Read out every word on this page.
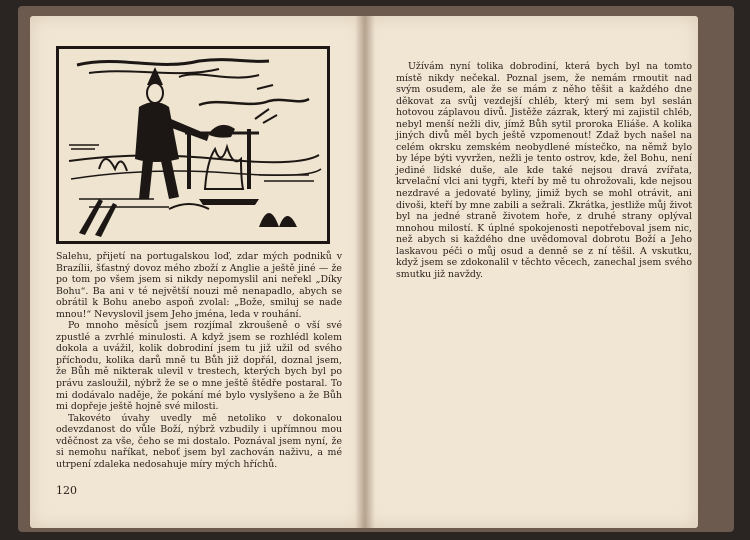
Salehu, přijetí na portugalskou loď, zdar mých podniků v Brazílii, šťastný dovoz mého zboží z Anglie a ještě jiné — že po tom po všem jsem si nikdy nepomyslil ani neřekl „Díky Bohu“. Ba ani v té největší nouzi mě nenapadlo, abych se obrátil k Bohu anebo aspoň zvolal: „Bože, smiluj se nade mnou!“ Nevyslovil jsem Jeho jména, leda v rouhání.

Po mnoho měsíců jsem rozjímal zkroušeně o vší své zpustlé a zvrhlé minulosti. A když jsem se rozhlédl kolem dokola a uvážil, kolik dobrodiní jsem tu již užil od svého příchodu, kolika darů mně tu Bůh již dopřál, doznal jsem, že Bůh mě nikterak ulevil v trestech, kterých bych byl po právu zasloužil, nýbrž že se o mne ještě štědře postaral. To mi dodávalo naděje, že pokání mé bylo vyslyšeno a že Bůh mi dopřeje ještě hojně své milosti.

Takovéto úvahy uvedly mě netoliko v dokonalou odevzdanost do vůle Boží, nýbrž vzbudily i upřímnou mou vděčnost za vše, čeho se mi dostalo. Poznával jsem nyní, že si nemohu naříkat, neboť jsem byl zachován naživu, a mé utrpení zdaleka nedosahuje míry mých hříchů.

120

Užívám nyní tolika dobrodiní, která bych byl na tomto místě nikdy nečekal. Poznal jsem, že nemám rmoutit nad svým osudem, ale že se mám z něho těšit a každého dne děkovat za svůj vezdejší chléb, který mi sem byl seslán hotovou záplavou divů. Jistěže zázrak, který mi zajistil chléb, nebyl menší nežli div, jímž Bůh sytil proroka Eliáše. A kolika jiných divů měl bych ještě vzpomenout! Zdaž bych našel na celém okrsku zemském neobydlené místečko, na němž bylo by lépe býti vyvržen, nežli je tento ostrov, kde, žel Bohu, není jediné lidské duše, ale kde také nejsou dravá zvířata, krvelační vlci ani tygři, kteří by mě tu ohrožovali, kde nejsou nezdravé a jedovaté byliny, jimiž bych se mohl otrávit, ani divoši, kteří by mne zabili a sežrali. Zkrátka, jestliže můj život byl na jedné straně životem hoře, z druhé strany oplýval mnohou milostí. K úplné spokojenosti nepotřeboval jsem nic, než abych si každého dne uvědomoval dobrotu Boží a Jeho laskavou péči o můj osud a denně se z ní těšil. A vskutku, když jsem se zdokonalil v těchto věcech, zanechal jsem svého smutku již navždy.
